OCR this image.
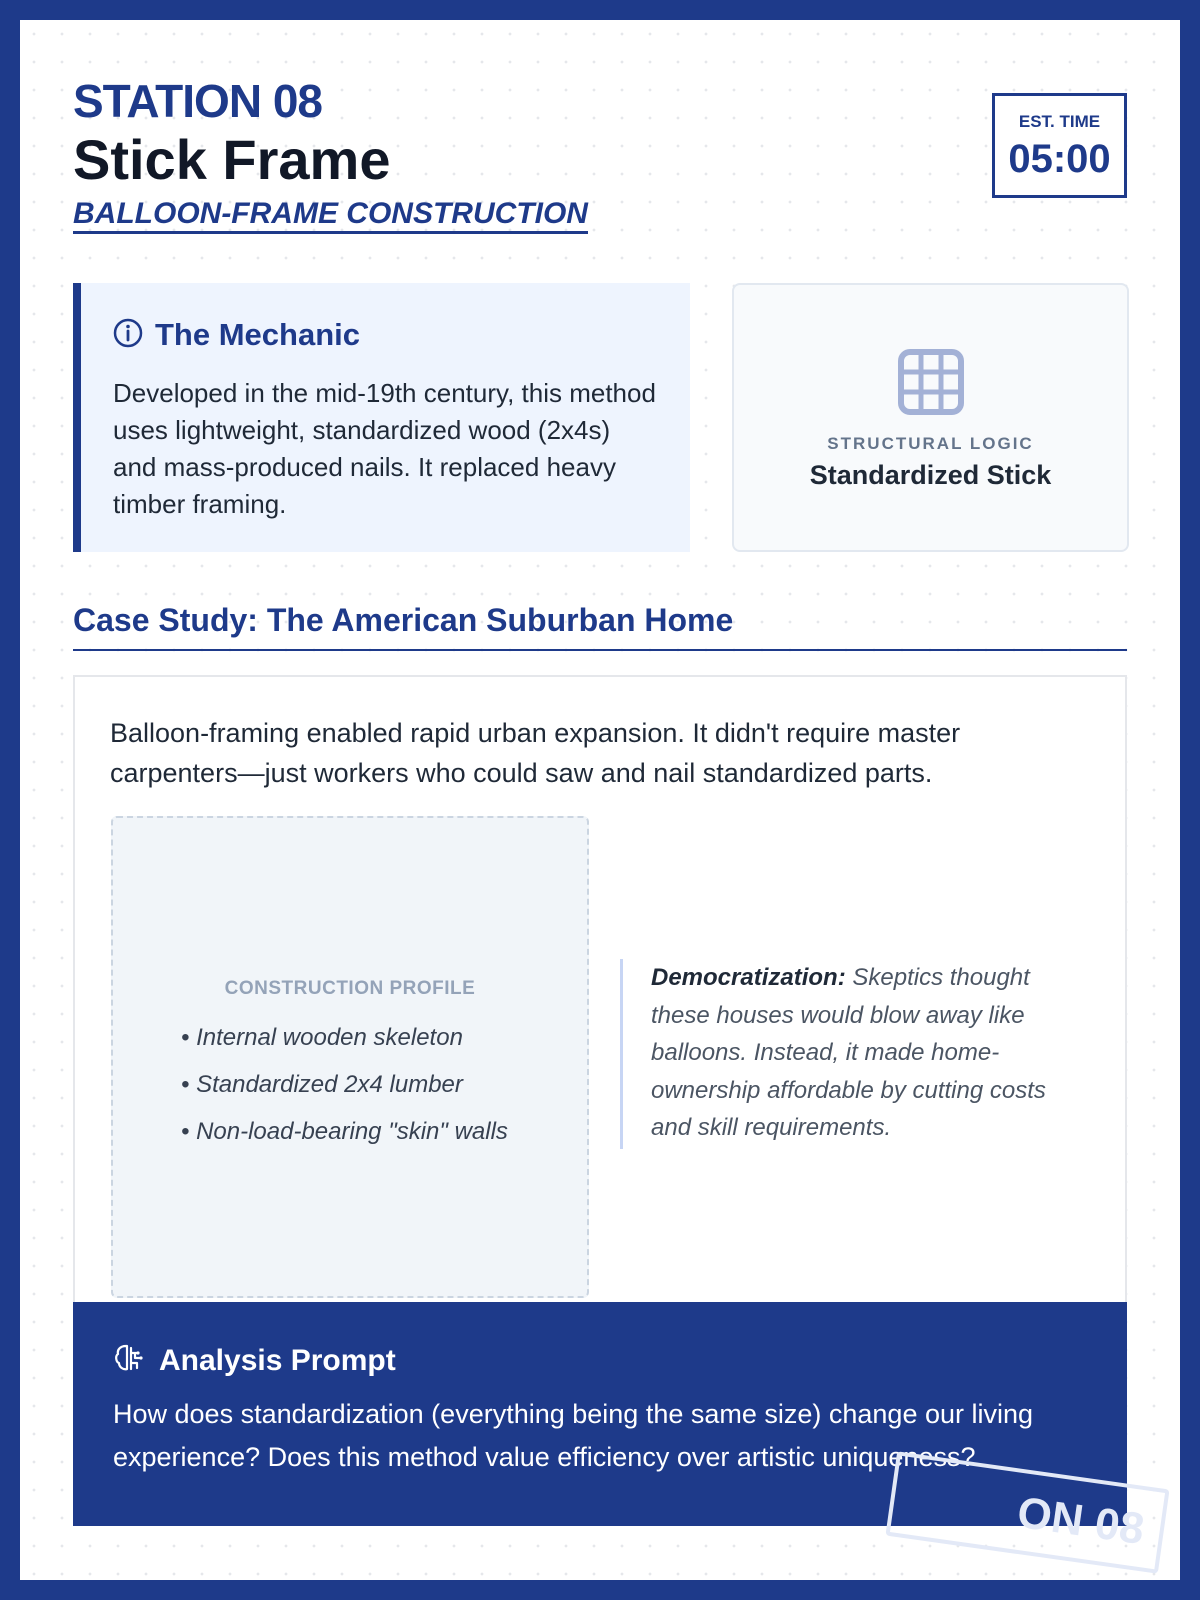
STATION 08
Stick Frame
BALLOON-FRAME CONSTRUCTION
EST. TIME
05:00
The Mechanic
Developed in the mid-19th century, this method uses lightweight, standardized wood (2x4s) and mass-produced nails. It replaced heavy timber framing.
STRUCTURAL LOGIC
Standardized Stick
Case Study: The American Suburban Home
Balloon-framing enabled rapid urban expansion. It didn't require master carpenters—just workers who could saw and nail standardized parts.
CONSTRUCTION PROFILE
• Internal wooden skeleton
• Standardized 2x4 lumber
• Non-load-bearing "skin" walls
Democratization: Skeptics thought these houses would blow away like balloons. Instead, it made home-ownership affordable by cutting costs and skill requirements.
Analysis Prompt
How does standardization (everything being the same size) change our living experience? Does this method value efficiency over artistic uniqueness?
ON 08
